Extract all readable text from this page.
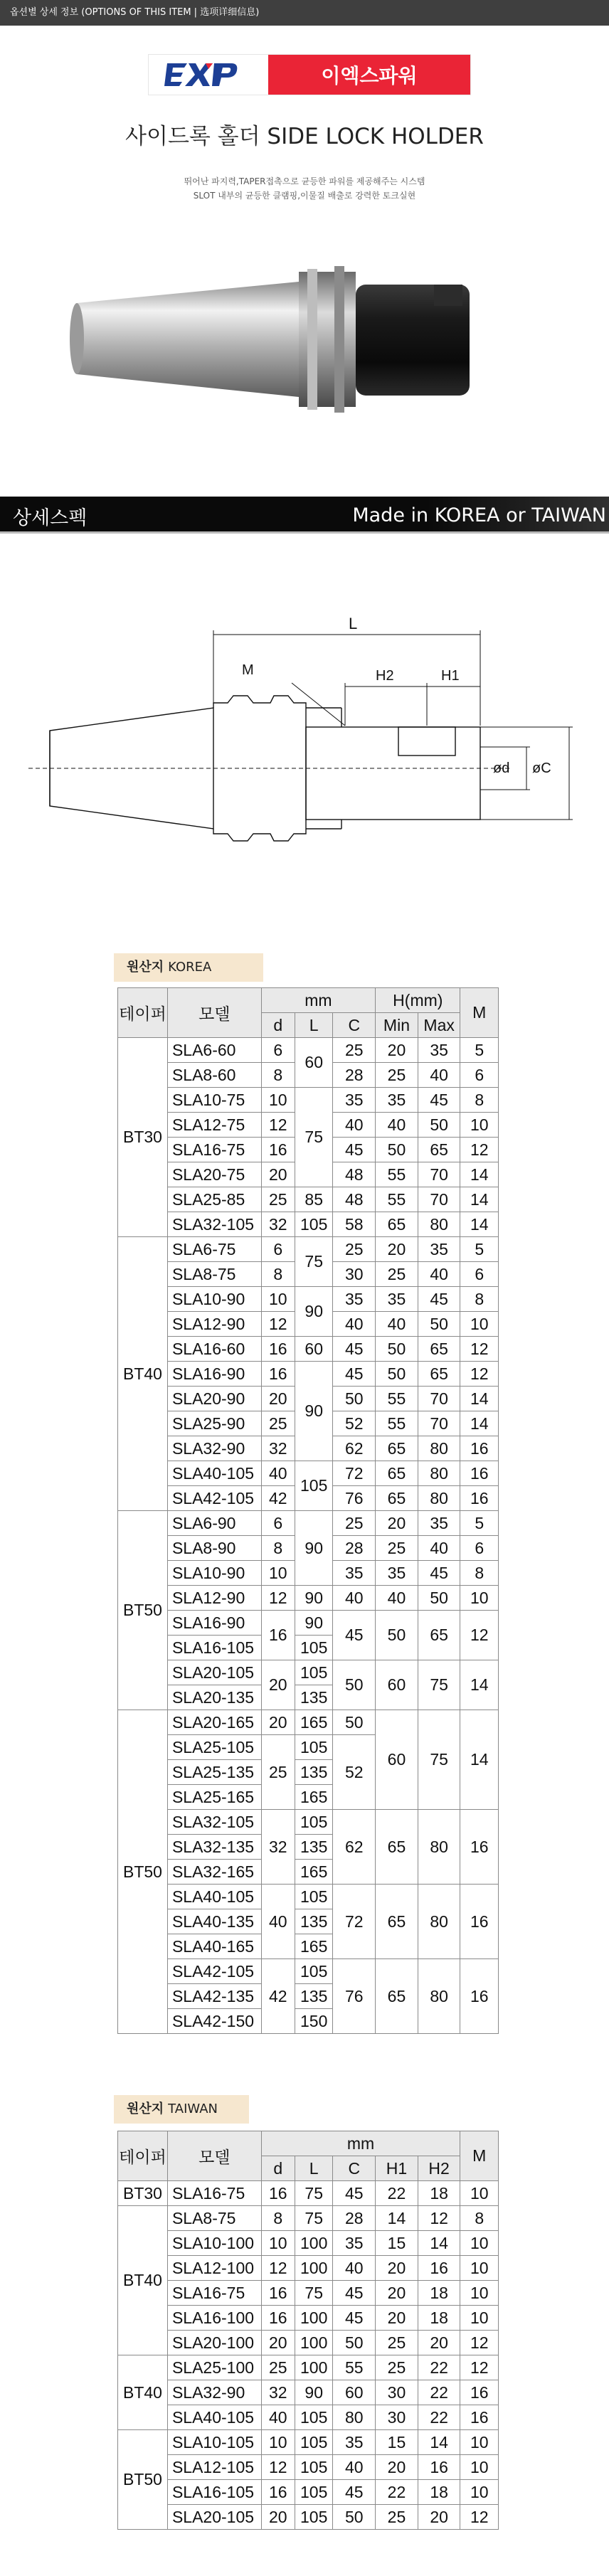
옵션별 상세 정보 (OPTIONS OF THIS ITEM | 选项详细信息)
이엑스파워
사이드록 홀더 SIDE LOCK HOLDER
뛰어난 파지력,TAPER접촉으로 균등한 파워를 제공해주는 시스템
SLOT 내부의 균등한 클램핑,이물질 배출로 강력한 토크실현
상세스펙	Made in KOREA or TAIWAN
L
M	H2	H1
ød øC
원산지 KOREA
테이퍼	모델	mm			H(mm)		M
		d	L	C	Min	Max	
BT30	SLA6-60	6	60	25	20	35	5
	SLA8-60	8		28	25	40	6
	SLA10-75	10	75	35	35	45	8
	SLA12-75	12		40	40	50	10
	SLA16-75	16		45	50	65	12
	SLA20-75	20		48	55	70	14
	SLA25-85	25	85	48	55	70	14
	SLA32-105	32	105	58	65	80	14
BT40	SLA6-75	6	75	25	20	35	5
	SLA8-75	8		30	25	40	6
	SLA10-90	10	90	35	35	45	8
	SLA12-90	12		40	40	50	10
	SLA16-60	16	60	45	50	65	12
	SLA16-90	16	90	45	50	65	12
	SLA20-90	20		50	55	70	14
	SLA25-90	25		52	55	70	14
	SLA32-90	32		62	65	80	16
	SLA40-105	40	105	72	65	80	16
	SLA42-105	42		76	65	80	16
BT50	SLA6-90	6	90	25	20	35	5
	SLA8-90	8		28	25	40	6
	SLA10-90	10		35	35	45	8
	SLA12-90	12	90	40	40	50	10
	SLA16-90	16	90	45	50	65	12
	SLA16-105		105				
	SLA20-105	20	105	50	60	75	14
	SLA20-135		135				
BT50	SLA20-165	20	165	50	60	75	14
	SLA25-105	25	105	52			
	SLA25-135		135				
	SLA25-165		165				
	SLA32-105	32	105	62	65	80	16
	SLA32-135		135				
	SLA32-165		165				
	SLA40-105	40	105	72	65	80	16
	SLA40-135		135				
	SLA40-165		165				
	SLA42-105	42	105	76	65	80	16
	SLA42-135		135				
	SLA42-150		150				
원산지 TAIWAN
테이퍼	모델	mm					M
		d	L	C	H1	H2	
BT30	SLA16-75	16	75	45	22	18	10
BT40	SLA8-75	8	75	28	14	12	8
	SLA10-100	10	100	35	15	14	10
	SLA12-100	12	100	40	20	16	10
	SLA16-75	16	75	45	20	18	10
	SLA16-100	16	100	45	20	18	10
	SLA20-100	20	100	50	25	20	12
BT40	SLA25-100	25	100	55	25	22	12
	SLA32-90	32	90	60	30	22	16
	SLA40-105	40	105	80	30	22	16
BT50	SLA10-105	10	105	35	15	14	10
	SLA12-105	12	105	40	20	16	10
	SLA16-105	16	105	45	22	18	10
	SLA20-105	20	105	50	25	20	12
